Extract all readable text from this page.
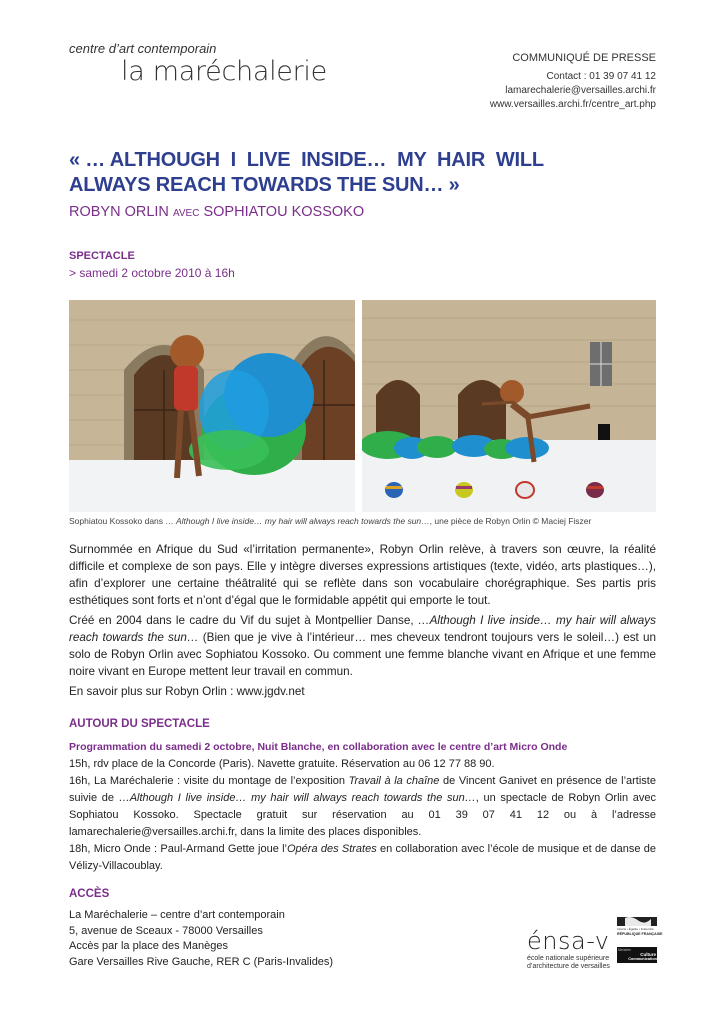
centre d’art contemporain
la maréchalerie	COMMUNIQUÉ DE PRESSE
Contact : 01 39 07 41 12
lamarechalerie@versailles.archi.fr
www.versailles.archi.fr/centre_art.php
« … ALTHOUGH  I  LIVE  INSIDE…  MY  HAIR  WILL
ALWAYS REACH TOWARDS THE SUN… »
ROBYN ORLIN AVEC SOPHIATOU KOSSOKO
SPECTACLE
> samedi 2 octobre 2010 à 16h
Sophiatou Kossoko dans … Although I live inside… my hair will always reach towards the sun…, une pièce de Robyn Orlin © Maciej Fiszer

Surnommée en Afrique du Sud «l’irritation permanente», Robyn Orlin relève, à travers son œuvre, la réalité difficile et complexe de son pays. Elle y intègre diverses expressions artistiques (texte, vidéo, arts plastiques…), afin d’explorer une certaine théâtralité qui se reflète dans son vocabulaire chorégraphique. Ses partis pris esthétiques sont forts et n’ont d’égal que le formidable appétit qui emporte le tout.

Créé en 2004 dans le cadre du Vif du sujet à Montpellier Danse, …Although I live inside… my hair will always reach towards the sun… (Bien que je vive à l’intérieur… mes cheveux tendront toujours vers le soleil…) est un solo de Robyn Orlin avec Sophiatou Kossoko. Ou comment une femme blanche vivant en Afrique et une femme noire vivant en Europe mettent leur travail en commun.

En savoir plus sur Robyn Orlin : www.jgdv.net

AUTOUR DU SPECTACLE

Programmation du samedi 2 octobre, Nuit Blanche, en collaboration avec le centre d’art Micro Onde

15h, rdv place de la Concorde (Paris). Navette gratuite. Réservation au 06 12 77 88 90.

16h, La Maréchalerie : visite du montage de l’exposition Travail à la chaîne de Vincent Ganivet en présence de l’artiste suivie de …Although I live inside… my hair will always reach towards the sun…, un spectacle de Robyn Orlin avec Sophiatou Kossoko. Spectacle gratuit sur réservation au 01 39 07 41 12 ou à l’adresse lamarechalerie@versailles.archi.fr, dans la limite des places disponibles.

18h, Micro Onde : Paul-Armand Gette joue l’Opéra des Strates en collaboration avec l’école de musique et de danse de Vélizy-Villacoublay.

ACCÈS
La Maréchalerie – centre d’art contemporain
5, avenue de Sceaux - 78000 Versailles
Accès par la place des Manèges
Gare Versailles Rive Gauche, RER C (Paris-Invalides)
énsa-v
école nationale supérieure
d’architecture de versailles
Liberté • Égalité • Fraternité
RÉPUBLIQUE FRANÇAISE
Ministère
Culture
Communication
